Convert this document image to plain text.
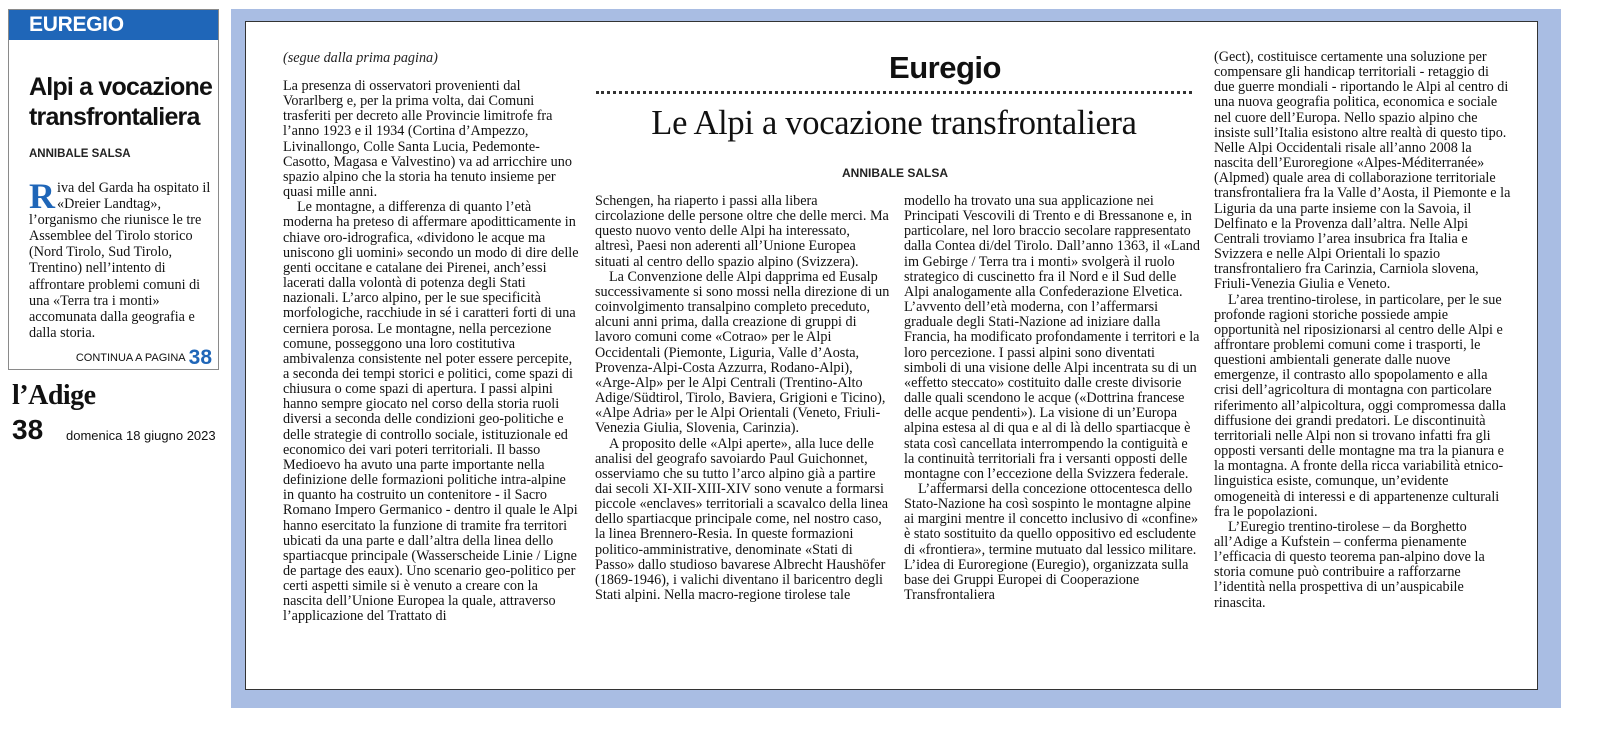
EUREGIO
Alpi a vocazione transfrontaliera
ANNIBALE SALSA
Riva del Garda ha ospitato il «Dreier Landtag», l’organismo che riunisce le tre Assemblee del Tirolo storico (Nord Tirolo, Sud Tirolo, Trentino) nell’intento di affrontare problemi comuni di una «Terra tra i monti» accomunata dalla geografia e dalla storia.
CONTINUA A PAGINA 38
l’Adige
38 domenica 18 giugno 2023
Euregio
Le Alpi a vocazione transfrontaliera
ANNIBALE SALSA
(segue dalla prima pagina)

La presenza di osservatori provenienti dal Vorarlberg e, per la prima volta, dai Comuni trasferiti per decreto alle Provincie limitrofe fra l’anno 1923 e il 1934 (Cortina d’Ampezzo, Livinallongo, Colle Santa Lucia, Pedemonte-Casotto, Magasa e Valvestino) va ad arricchire uno spazio alpino che la storia ha tenuto insieme per quasi mille anni.

Le montagne, a differenza di quanto l’età moderna ha preteso di affermare apoditticamente in chiave oro-idrografica, «dividono le acque ma uniscono gli uomini» secondo un modo di dire delle genti occitane e catalane dei Pirenei, anch’essi lacerati dalla volontà di potenza degli Stati nazionali. L’arco alpino, per le sue specificità morfologiche, racchiude in sé i caratteri forti di una cerniera porosa. Le montagne, nella percezione comune, posseggono una loro costitutiva ambivalenza consistente nel poter essere percepite, a seconda dei tempi storici e politici, come spazi di chiusura o come spazi di apertura. I passi alpini hanno sempre giocato nel corso della storia ruoli diversi a seconda delle condizioni geo-politiche e delle strategie di controllo sociale, istituzionale ed economico dei vari poteri territoriali. Il basso Medioevo ha avuto una parte importante nella definizione delle formazioni politiche intra-alpine in quanto ha costruito un contenitore - il Sacro Romano Impero Germanico - dentro il quale le Alpi hanno esercitato la funzione di tramite fra territori ubicati da una parte e dall’altra della linea dello spartiacque principale (Wasserscheide Linie / Ligne de partage des eaux). Uno scenario geo-politico per certi aspetti simile si è venuto a creare con la nascita dell’Unione Europea la quale, attraverso l’applicazione del Trattato di

Schengen, ha riaperto i passi alla libera circolazione delle persone oltre che delle merci. Ma questo nuovo vento delle Alpi ha interessato, altresì, Paesi non aderenti all’Unione Europea situati al centro dello spazio alpino (Svizzera).

La Convenzione delle Alpi dapprima ed Eusalp successivamente si sono mossi nella direzione di un coinvolgimento transalpino completo preceduto, alcuni anni prima, dalla creazione di gruppi di lavoro comuni come «Cotrao» per le Alpi Occidentali (Piemonte, Liguria, Valle d’Aosta, Provenza-Alpi-Costa Azzurra, Rodano-Alpi), «Arge-Alp» per le Alpi Centrali (Trentino-Alto Adige/Südtirol, Tirolo, Baviera, Grigioni e Ticino), «Alpe Adria» per le Alpi Orientali (Veneto, Friuli-Venezia Giulia, Slovenia, Carinzia).

A proposito delle «Alpi aperte», alla luce delle analisi del geografo savoiardo Paul Guichonnet, osserviamo che su tutto l’arco alpino già a partire dai secoli XI-XII-XIII-XIV sono venute a formarsi piccole «enclaves» territoriali a scavalco della linea dello spartiacque principale come, nel nostro caso, la linea Brennero-Resia. In queste formazioni politico-amministrative, denominate «Stati di Passo» dallo studioso bavarese Albrecht Haushöfer (1869-1946), i valichi diventano il baricentro degli Stati alpini. Nella macro-regione tirolese tale

modello ha trovato una sua applicazione nei Principati Vescovili di Trento e di Bressanone e, in particolare, nel loro braccio secolare rappresentato dalla Contea di/del Tirolo. Dall’anno 1363, il «Land im Gebirge / Terra tra i monti» svolgerà il ruolo strategico di cuscinetto fra il Nord e il Sud delle Alpi analogamente alla Confederazione Elvetica. L’avvento dell’età moderna, con l’affermarsi graduale degli Stati-Nazione ad iniziare dalla Francia, ha modificato profondamente i territori e la loro percezione. I passi alpini sono diventati simboli di una visione delle Alpi incentrata su di un «effetto steccato» costituito dalle creste divisorie dalle quali scendono le acque («Dottrina francese delle acque pendenti»). La visione di un’Europa alpina estesa al di qua e al di là dello spartiacque è stata così cancellata interrompendo la contiguità e la continuità territoriali fra i versanti opposti delle montagne con l’eccezione della Svizzera federale.

L’affermarsi della concezione ottocentesca dello Stato-Nazione ha così sospinto le montagne alpine ai margini mentre il concetto inclusivo di «confine» è stato sostituito da quello oppositivo ed escludente di «frontiera», termine mutuato dal lessico militare. L’idea di Euroregione (Euregio), organizzata sulla base dei Gruppi Europei di Cooperazione Transfrontaliera

(Gect), costituisce certamente una soluzione per compensare gli handicap territoriali - retaggio di due guerre mondiali - riportando le Alpi al centro di una nuova geografia politica, economica e sociale nel cuore dell’Europa. Nello spazio alpino che insiste sull’Italia esistono altre realtà di questo tipo. Nelle Alpi Occidentali risale all’anno 2008 la nascita dell’Euroregione «Alpes-Méditerranée» (Alpmed) quale area di collaborazione territoriale transfrontaliera fra la Valle d’Aosta, il Piemonte e la Liguria da una parte insieme con la Savoia, il Delfinato e la Provenza dall’altra. Nelle Alpi Centrali troviamo l’area insubrica fra Italia e Svizzera e nelle Alpi Orientali lo spazio transfrontaliero fra Carinzia, Carniola slovena, Friuli-Venezia Giulia e Veneto.

L’area trentino-tirolese, in particolare, per le sue profonde ragioni storiche possiede ampie opportunità nel riposizionarsi al centro delle Alpi e affrontare problemi comuni come i trasporti, le questioni ambientali generate dalle nuove emergenze, il contrasto allo spopolamento e alla crisi dell’agricoltura di montagna con particolare riferimento all’alpicoltura, oggi compromessa dalla diffusione dei grandi predatori. Le discontinuità territoriali nelle Alpi non si trovano infatti fra gli opposti versanti delle montagne ma tra la pianura e la montagna. A fronte della ricca variabilità etnico-linguistica esiste, comunque, un’evidente omogeneità di interessi e di appartenenze culturali fra le popolazioni.

L’Euregio trentino-tirolese – da Borghetto all’Adige a Kufstein – conferma pienamente l’efficacia di questo teorema pan-alpino dove la storia comune può contribuire a rafforzarne l’identità nella prospettiva di un’auspicabile rinascita.
